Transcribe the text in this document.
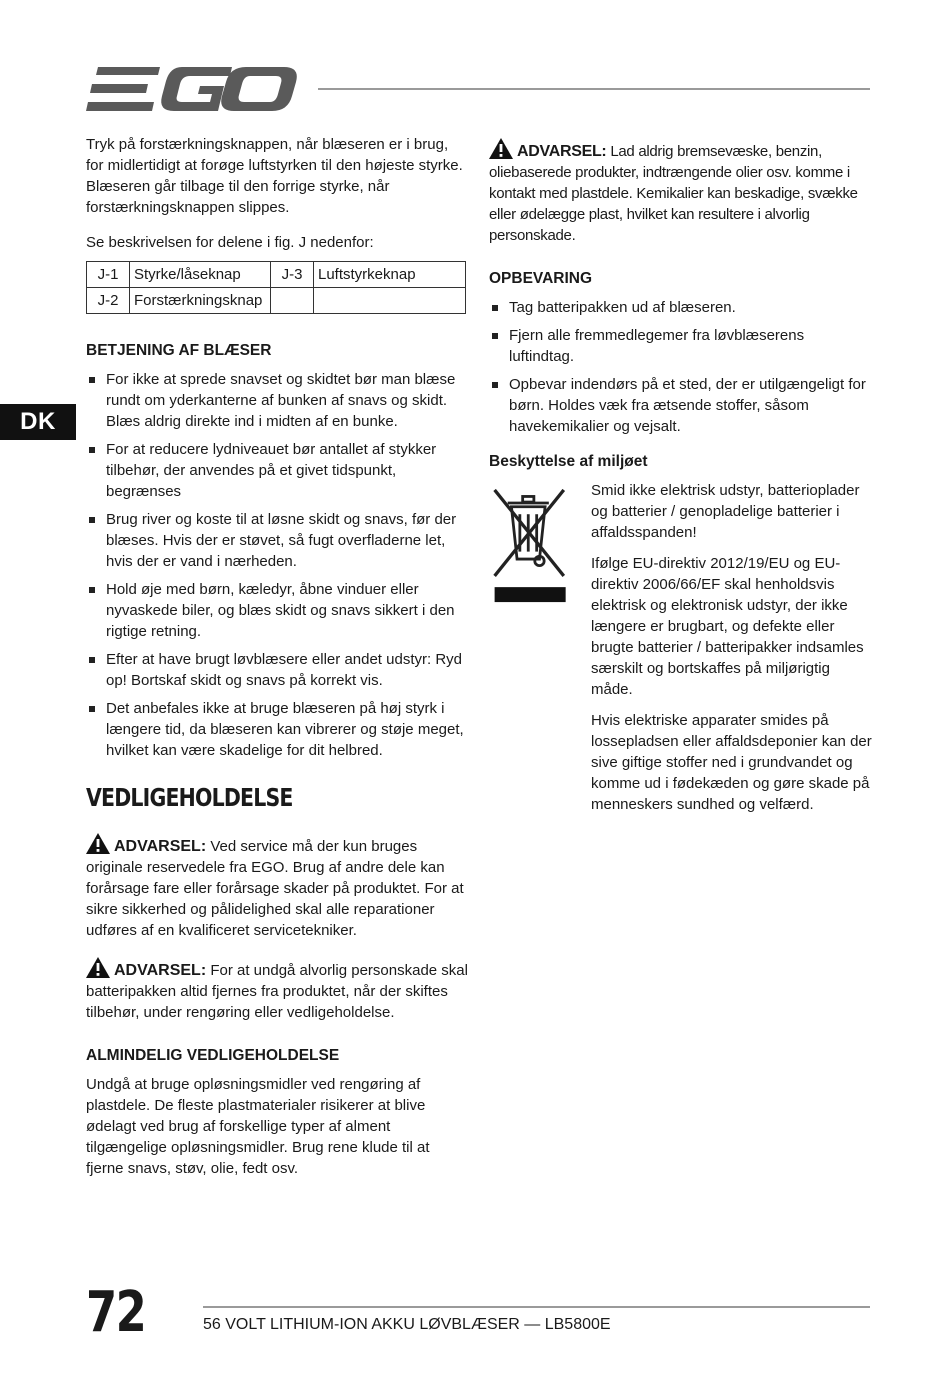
DK

Tryk på forstærkningsknappen, når blæseren er i brug, for midlertidigt at forøge luftstyrken til den højeste styrke. Blæseren går tilbage til den forrige styrke, når forstærkningsknappen slippes.

Se beskrivelsen for delene i fig. J nedenfor:

J-1	Styrke/låseknap	J-3	Luftstyrkeknap
J-2	Forstærkningsknap		
BETJENING AF BLÆSER
For ikke at sprede snavset og skidtet bør man blæse rundt om yderkanterne af bunken af snavs og skidt. Blæs aldrig direkte ind i midten af en bunke.
For at reducere lydniveauet bør antallet af stykker tilbehør, der anvendes på et givet tidspunkt, begrænses
Brug river og koste til at løsne skidt og snavs, før der blæses. Hvis der er støvet, så fugt overfladerne let, hvis der er vand i nærheden.
Hold øje med børn, kæledyr, åbne vinduer eller nyvaskede biler, og blæs skidt og snavs sikkert i den rigtige retning.
Efter at have brugt løvblæsere eller andet udstyr: Ryd op! Bortskaf skidt og snavs på korrekt vis.
Det anbefales ikke at bruge blæseren på høj styrk i længere tid, da blæseren kan vibrerer og støje meget, hvilket kan være skadelige for dit helbred.
VEDLIGEHOLDELSE

ADVARSEL: Ved service må der kun bruges originale reservedele fra EGO. Brug af andre dele kan forårsage fare eller forårsage skader på produktet. For at sikre sikkerhed og pålidelighed skal alle reparationer udføres af en kvalificeret servicetekniker.

ADVARSEL: For at undgå alvorlig personskade skal batteripakken altid fjernes fra produktet, når der skiftes tilbehør, under rengøring eller vedligeholdelse.

ALMINDELIG VEDLIGEHOLDELSE

Undgå at bruge opløsningsmidler ved rengøring af plastdele. De fleste plastmaterialer risikerer at blive ødelagt ved brug af forskellige typer af alment tilgængelige opløsningsmidler. Brug rene klude til at fjerne snavs, støv, olie, fedt osv.

ADVARSEL: Lad aldrig bremsevæske, benzin, oliebaserede produkter, indtrængende olier osv. komme i kontakt med plastdele. Kemikalier kan beskadige, svække eller ødelægge plast, hvilket kan resultere i alvorlig personskade.

OPBEVARING
Tag batteripakken ud af blæseren.
Fjern alle fremmedlegemer fra løvblæserens luftindtag.
Opbevar indendørs på et sted, der er utilgængeligt for børn. Holdes væk fra ætsende stoffer, såsom havekemikalier og vejsalt.
Beskyttelse af miljøet

Smid ikke elektrisk udstyr, batterioplader og batterier / genopladelige batterier i affaldsspanden!

Ifølge EU-direktiv 2012/19/EU og EU-direktiv 2006/66/EF skal henholdsvis elektrisk og elektronisk udstyr, der ikke længere er brugbart, og defekte eller brugte batterier / batteripakker indsamles særskilt og bortskaffes på miljørigtig måde.

Hvis elektriske apparater smides på lossepladsen eller affaldsdeponier kan der sive giftige stoffer ned i grundvandet og komme ud i fødekæden og gøre skade på menneskers sundhed og velfærd.

72	56 VOLT LITHIUM-ION AKKU LØVBLÆSER — LB5800E
